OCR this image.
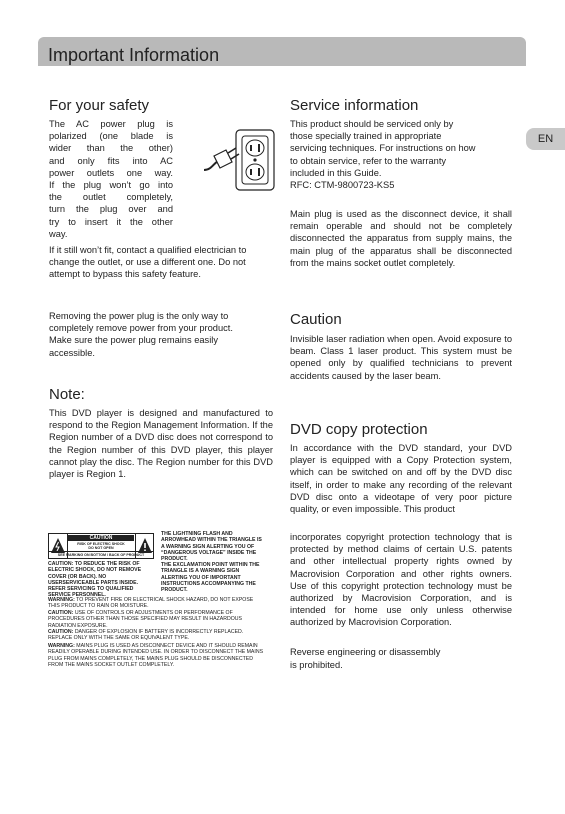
Important Information
EN
For your safety
The AC power plug is
polarized (one blade is
wider than the other)
and only fits into AC
power outlets one way.
If the plug won’t go into
the outlet completely,
turn the plug over and
try to insert it the other
way.

If it still won’t fit, contact a qualified electrician to change the outlet, or use a different one. Do not attempt to bypass this safety feature.

Removing the power plug is the only way to completely remove power from your product. Make sure the power plug remains easily accessible.

Note:

This DVD player is designed and manufactured to respond to the Region Management Information. If the Region number of a DVD disc does not correspond to the Region number of this DVD player, this player cannot play the disc. The Region number for this DVD player is Region 1.

CAUTION
RISK OF ELECTRIC SHOCK
DO NOT OPEN
SEE MARKING ON BOTTOM / BACK OF PRODUCT

CAUTION: TO REDUCE THE RISK OF ELECTRIC SHOCK, DO NOT REMOVE COVER (OR BACK). NO USERSERVICEABLE PARTS INSIDE. REFER SERVICING TO QUALIFIED SERVICE PERSONNEL.

THE LIGHTNING FLASH AND ARROWHEAD WITHIN THE TRIANGLE IS A WARNING SIGN ALERTING YOU OF “DANGEROUS VOLTAGE” INSIDE THE PRODUCT.

THE EXCLAMATION POINT WITHIN THE TRIANGLE IS A WARNING SIGN ALERTING YOU OF IMPORTANT INSTRUCTIONS ACCOMPANYING THE PRODUCT.

WARNING: TO PREVENT FIRE OR ELECTRICAL SHOCK HAZARD, DO NOT EXPOSE THIS PRODUCT TO RAIN OR MOISTURE.

CAUTION: USE OF CONTROLS OR ADJUSTMENTS OR PERFORMANCE OF PROCEDURES OTHER THAN THOSE SPECIFIED MAY RESULT IN HAZARDOUS RADIATION EXPOSURE.

CAUTION: DANGER OF EXPLOSION IF BATTERY IS INCORRECTLY REPLACED. REPLACE ONLY WITH THE SAME OR EQUIVALENT TYPE.

WARNING: MAINS PLUG IS USED AS DISCONNECT DEVICE AND IT SHOULD REMAIN READILY OPERABLE DURING INTENDED USE. IN ORDER TO DISCONNECT THE MAINS PLUG FROM MAINS COMPLETELY, THE MAINS PLUG SHOULD BE DISCONNECTED FROM THE MAINS SOCKET OUTLET COMPLETELY.

Service information
This product should be serviced only by
those specially trained in appropriate
servicing techniques. For instructions on how
to obtain service, refer to the warranty
included in this Guide.
RFC: CTM-9800723-KS5

Main plug is used as the disconnect device, it shall remain operable and should not be completely disconnected the apparatus from supply mains, the main plug of the apparatus shall be disconnected from the mains socket outlet completely.

Caution

Invisible laser radiation when open. Avoid exposure to beam. Class 1 laser product. This system must be opened only by qualified technicians to prevent accidents caused by the laser beam.

DVD copy protection

In accordance with the DVD standard, your DVD player is equipped with a Copy Protection system, which can be switched on and off by the DVD disc itself, in order to make any recording of the relevant DVD disc onto a videotape of very poor picture quality, or even impossible. This product

incorporates copyright protection technology that is protected by method claims of certain U.S. patents and other intellectual property rights owned by Macrovision Corporation and other rights owners. Use of this copyright protection technology must be authorized by Macrovision Corporation, and is intended for home use only unless otherwise authorized by Macrovision Corporation.

Reverse engineering or disassembly
is prohibited.
